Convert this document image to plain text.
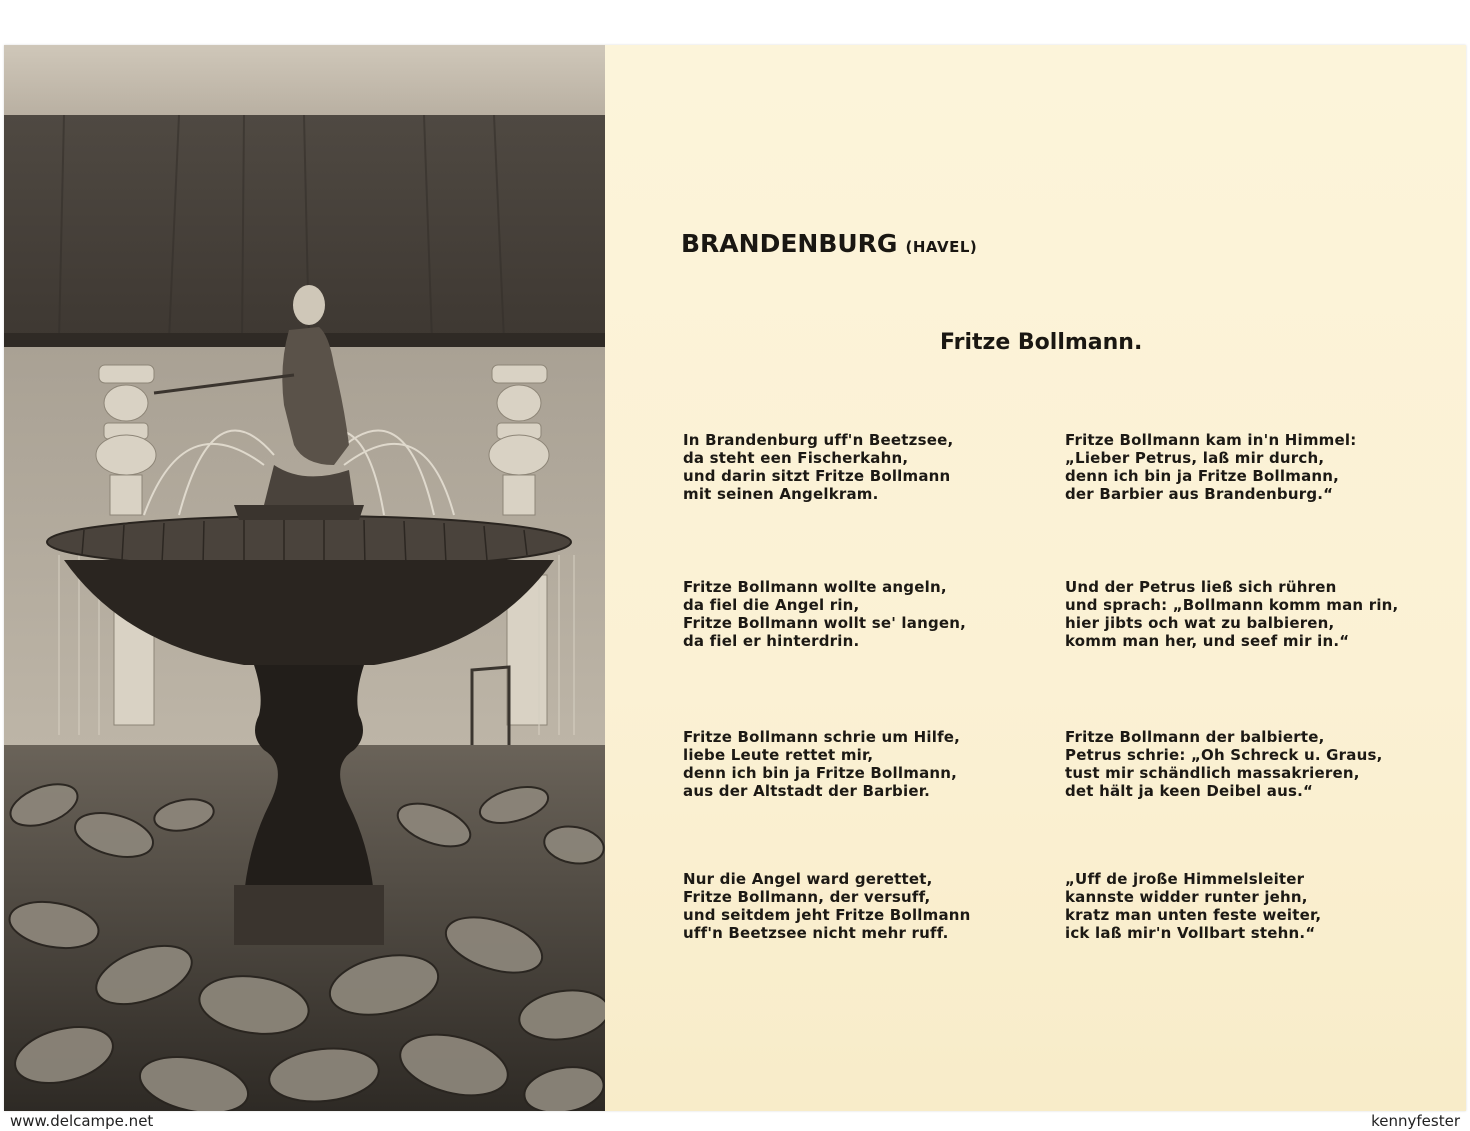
BRANDENBURG (HAVEL)
Fritze Bollmann.
In Brandenburg uff'n Beetzsee,
da steht een Fischerkahn,
und darin sitzt Fritze Bollmann
mit seinen Angelkram.
Fritze Bollmann wollte angeln,
da fiel die Angel rin,
Fritze Bollmann wollt se' langen,
da fiel er hinterdrin.
Fritze Bollmann schrie um Hilfe,
liebe Leute rettet mir,
denn ich bin ja Fritze Bollmann,
aus der Altstadt der Barbier.
Nur die Angel ward gerettet,
Fritze Bollmann, der versuff,
und seitdem jeht Fritze Bollmann
uff'n Beetzsee nicht mehr ruff.
Fritze Bollmann kam in'n Himmel:
„Lieber Petrus, laß mir durch,
denn ich bin ja Fritze Bollmann,
der Barbier aus Brandenburg.“
Und der Petrus ließ sich rühren
und sprach: „Bollmann komm man rin,
hier jibts och wat zu balbieren,
komm man her, und seef mir in.“
Fritze Bollmann der balbierte,
Petrus schrie: „Oh Schreck u. Graus,
tust mir schändlich massakrieren,
det hält ja keen Deibel aus.“
„Uff de jroße Himmelsleiter
kannste widder runter jehn,
kratz man unten feste weiter,
ick laß mir'n Vollbart stehn.“
www.delcampe.net	kennyfester
